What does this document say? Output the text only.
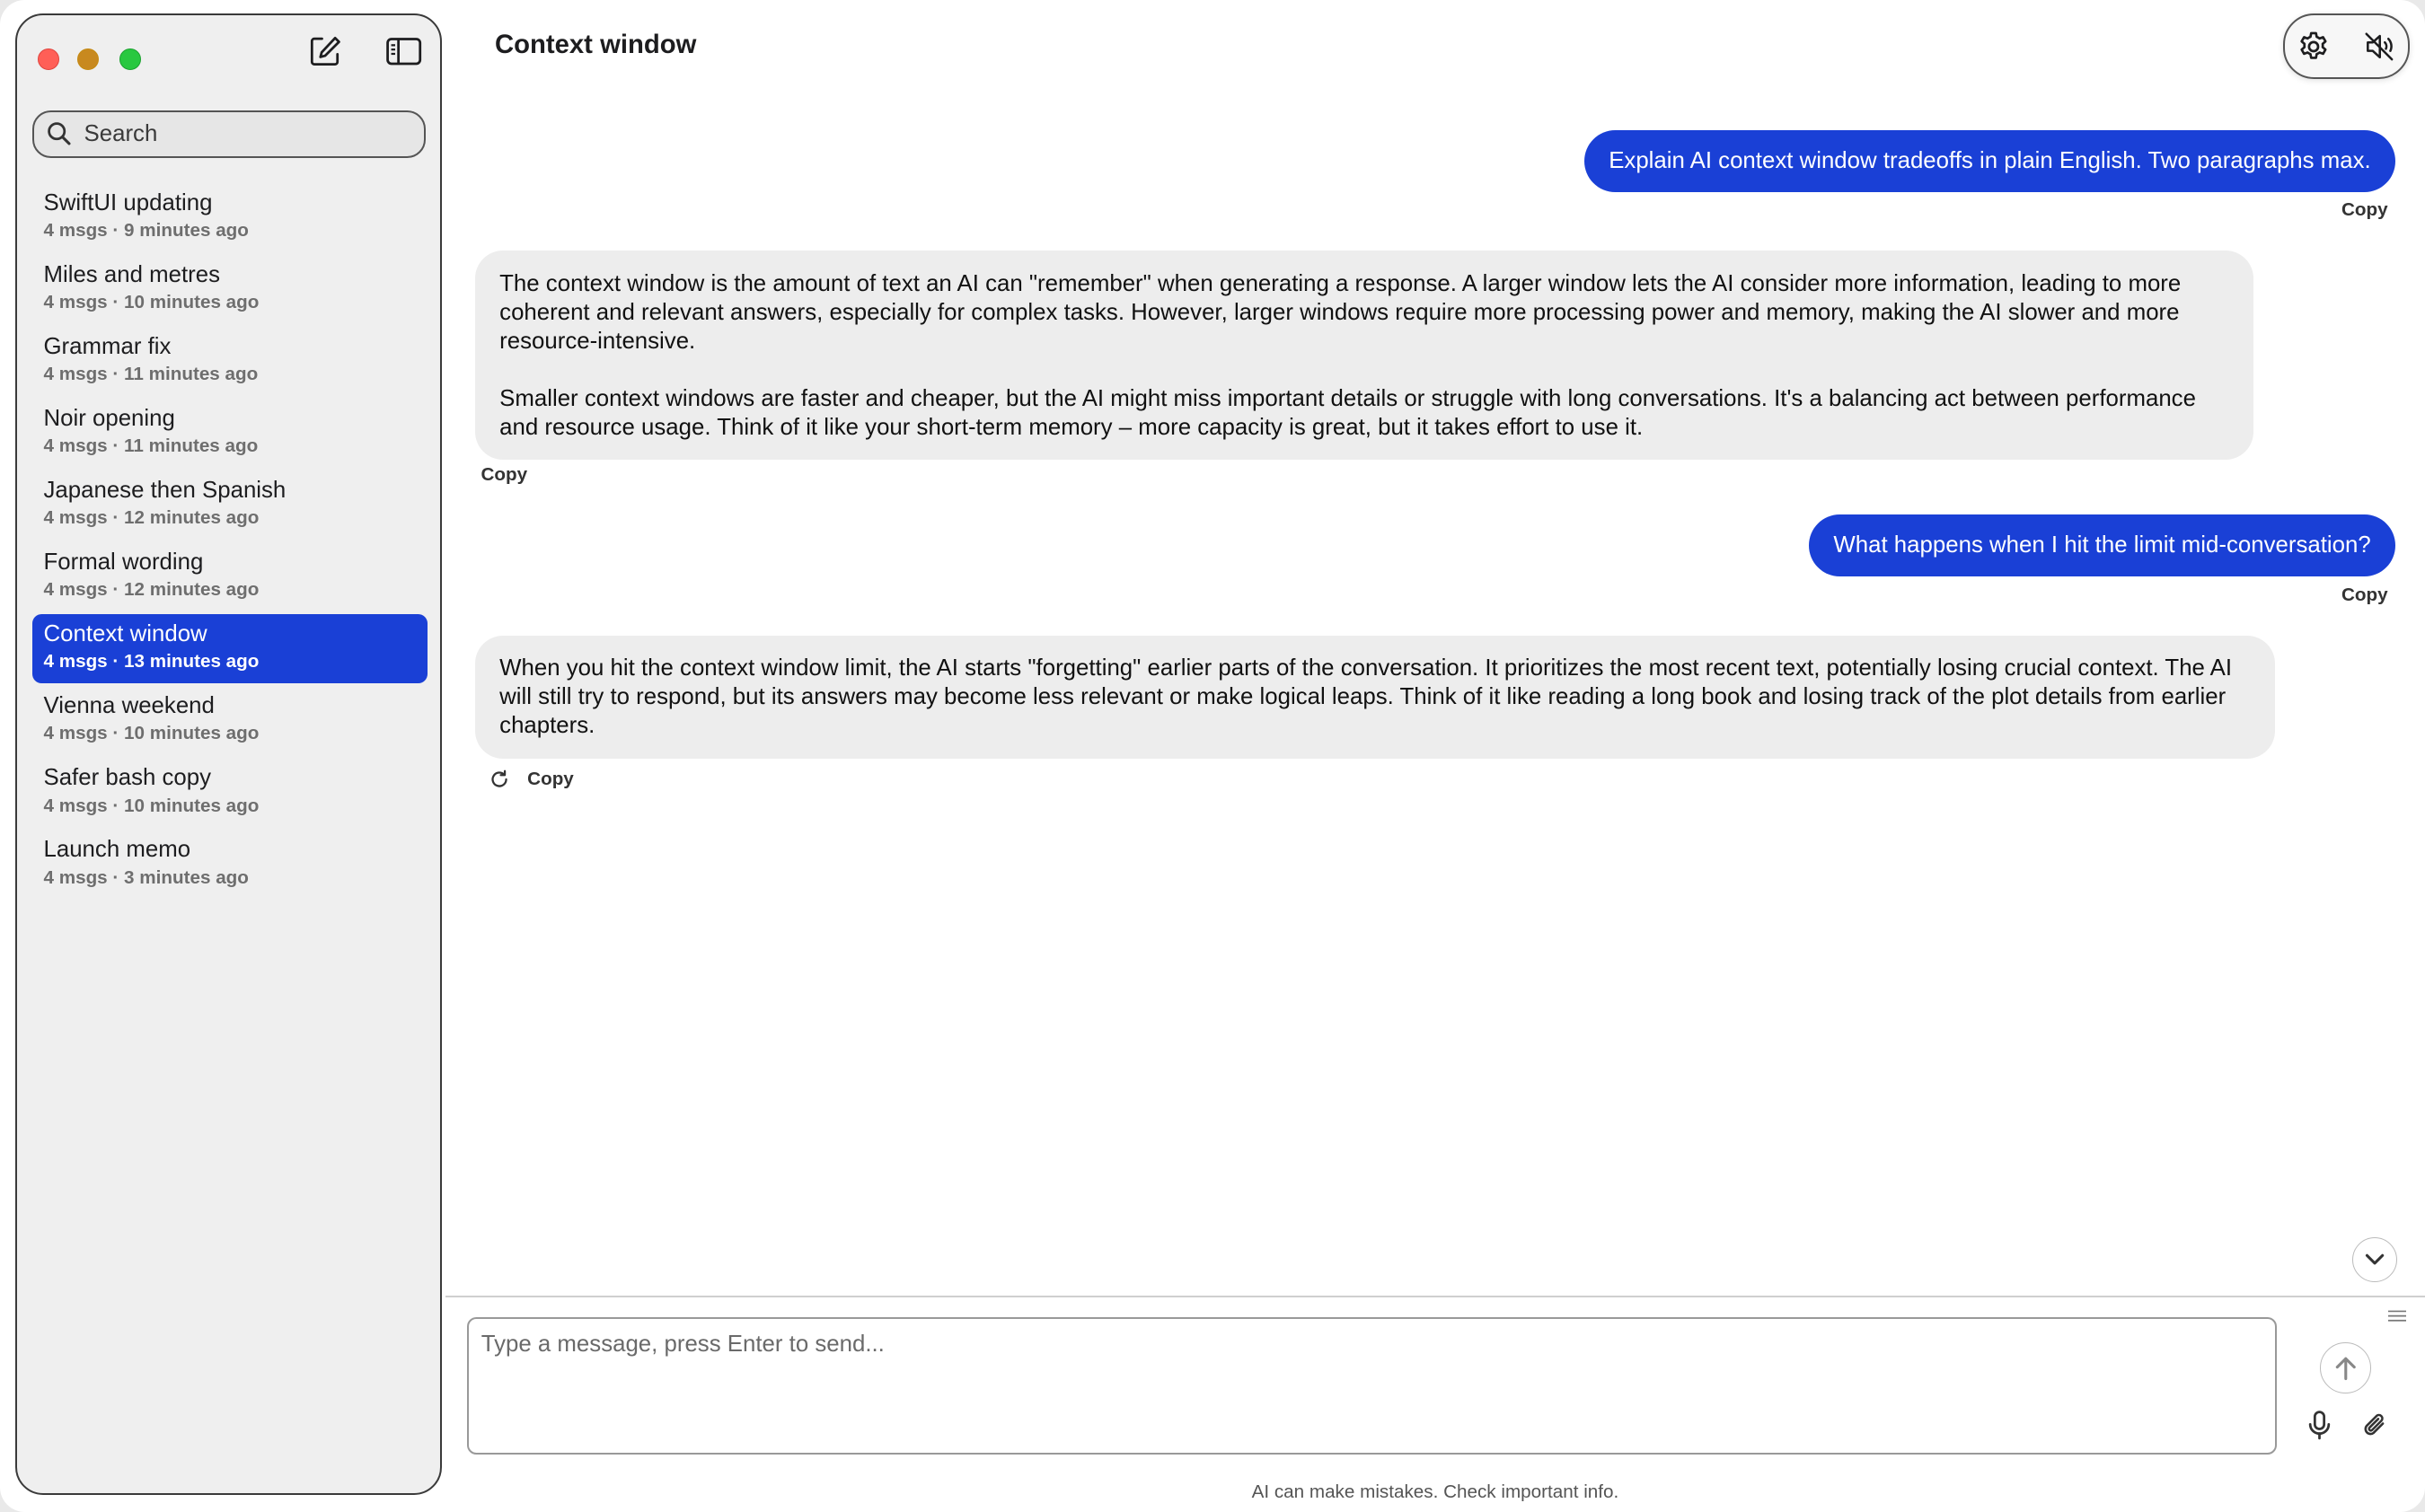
Search
SwiftUI updating
4 msgs · 9 minutes ago
Miles and metres
4 msgs · 10 minutes ago
Grammar fix
4 msgs · 11 minutes ago
Noir opening
4 msgs · 11 minutes ago
Japanese then Spanish
4 msgs · 12 minutes ago
Formal wording
4 msgs · 12 minutes ago
Context window
4 msgs · 13 minutes ago
Vienna weekend
4 msgs · 10 minutes ago
Safer bash copy
4 msgs · 10 minutes ago
Launch memo
4 msgs · 3 minutes ago
Context window
Explain AI context window tradeoffs in plain English. Two paragraphs max.
Copy

The context window is the amount of text an AI can "remember" when generating a response. A larger window lets the AI consider more information, leading to more coherent and relevant answers, especially for complex tasks. However, larger windows require more processing power and memory, making the AI slower and more resource-intensive.

Smaller context windows are faster and cheaper, but the AI might miss important details or struggle with long conversations. It's a balancing act between performance and resource usage. Think of it like your short-term memory – more capacity is great, but it takes effort to use it.

Copy
What happens when I hit the limit mid-conversation?
Copy

When you hit the context window limit, the AI starts "forgetting" earlier parts of the conversation. It prioritizes the most recent text, potentially losing crucial context. The AI will still try to respond, but its answers may become less relevant or make logical leaps. Think of it like reading a long book and losing track of the plot details from earlier chapters.

Copy
Type a message, press Enter to send...
AI can make mistakes. Check important info.
